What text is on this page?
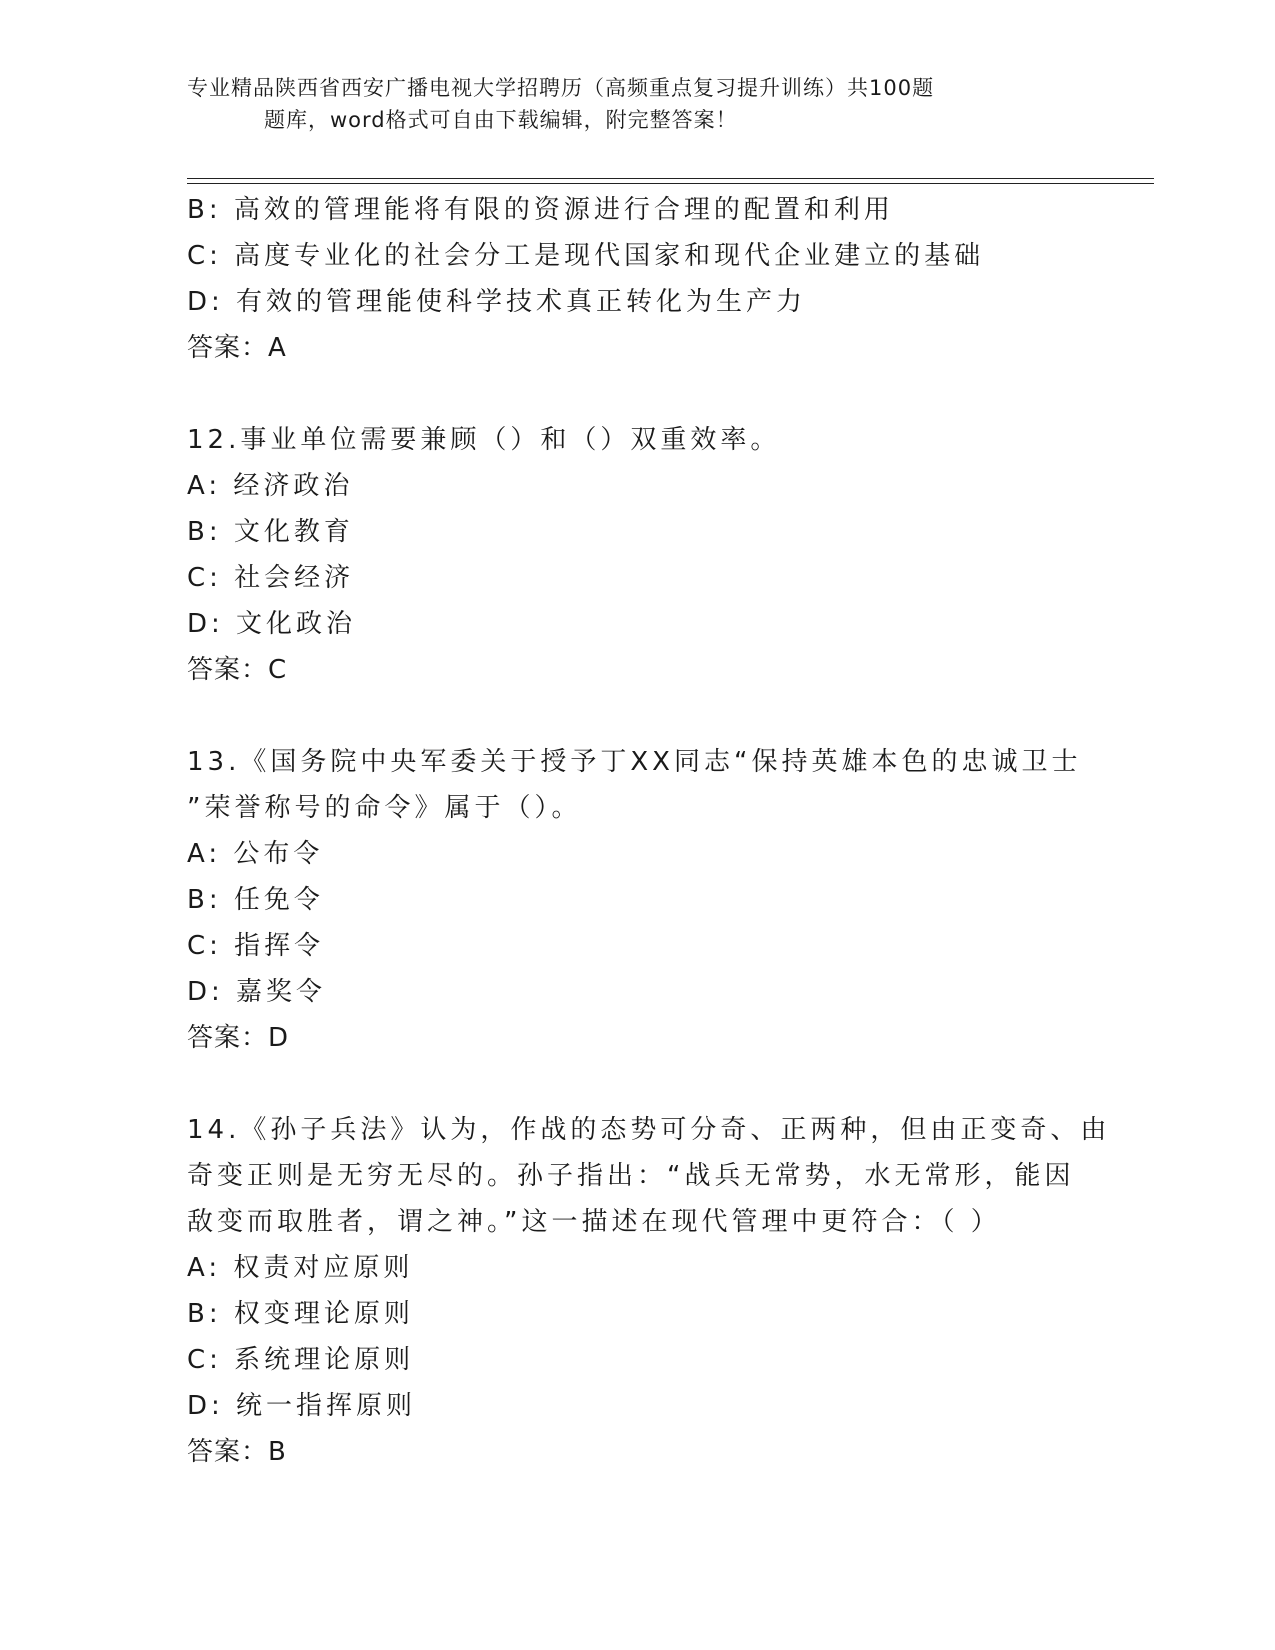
专业精品陕西省西安广播电视大学招聘历（高频重点复习提升训练）共100题
题库，word格式可自由下载编辑，附完整答案！
B: 高效的管理能将有限的资源进行合理的配置和利用
C: 高度专业化的社会分工是现代国家和现代企业建立的基础
D: 有效的管理能使科学技术真正转化为生产力
答案：A
12.事业单位需要兼顾（）和（）双重效率。
A: 经济政治
B: 文化教育
C: 社会经济
D: 文化政治
答案：C
13.《国务院中央军委关于授予丁XX同志“保持英雄本色的忠诚卫士
”荣誉称号的命令》属于（）。
A: 公布令
B: 任免令
C: 指挥令
D: 嘉奖令
答案：D
14.《孙子兵法》认为，作战的态势可分奇、正两种，但由正变奇、由
奇变正则是无穷无尽的。孙子指出：“战兵无常势，水无常形，能因
敌变而取胜者，谓之神。”这一描述在现代管理中更符合：（ ）
A: 权责对应原则
B: 权变理论原则
C: 系统理论原则
D: 统一指挥原则
答案：B
